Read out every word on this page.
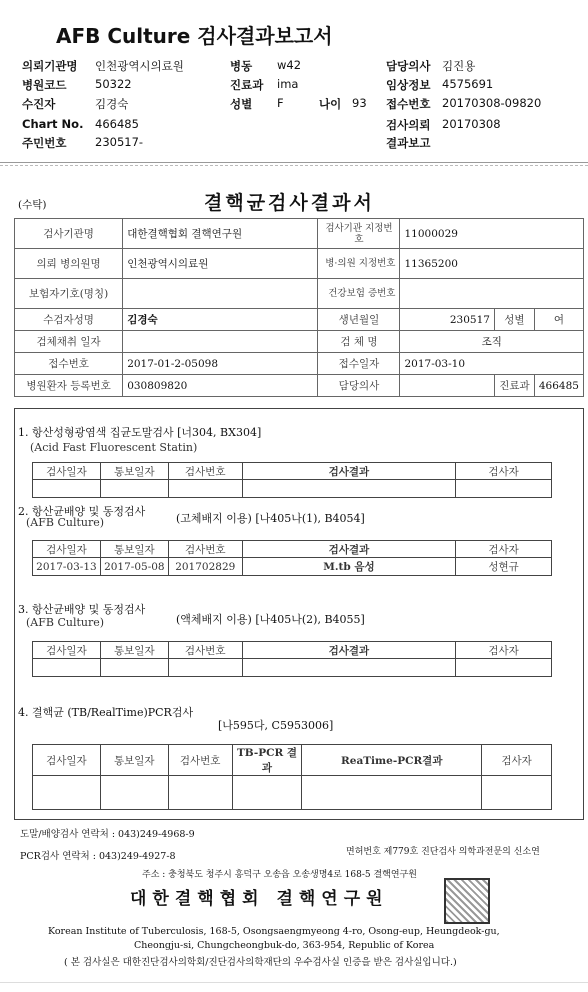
AFB Culture 검사결과보고서
의뢰기관명 인천광역시의료원
병원코드 50322
수진자	김경숙
Chart No. 466485
주민번호 230517-
병동 w42
진료과 ima
성별 F	나이 93
담당의사 김진용
임상정보 4575691
접수번호 20170308-09820
검사의뢰 20170308
결과보고
(수탁)	결핵균검사결과서
검사기관명	대한결핵협회 결핵연구원	검사기관 지정번호	11000029		
의뢰 병의원명	인천광역시의료원	병·의원 지정번호	11365200		
보험자기호(명칭)		건강보험 증번호			
수검자성명	김경숙	생년월일	230517	성별	여
검체채취 일자		검 체 명	조직		
접수번호	2017-01-2-05098	접수일자	2017-03-10		
병원환자 등록번호	030809820	담당의사		진료과	466485
1. 항산성형광염색 집균도말검사 [너304, BX304]
(Acid Fast Fluorescent Statin)
검사일자	통보일자	검사번호	검사결과	검사자

2. 항산균배양 및 동정검사
(고체배지 이용) [나405나(1), B4054]
(AFB Culture)
검사일자	통보일자	검사번호	검사결과	검사자
2017-03-13	2017-05-08	201702829	M.tb 음성	성현규
3. 항산균배양 및 동정검사
(액체배지 이용) [나405나(2), B4055]
(AFB Culture)
검사일자	통보일자	검사번호	검사결과	검사자

4. 결핵균 (TB/RealTime)PCR검사
[나595다, C5953006]
검사일자	통보일자	검사번호	TB-PCR 결과	ReaTime-PCR결과	검사자

도말/배양검사 연락처 : 043)249-4968-9
PCR검사 연락처 : 043)249-4927-8	면허번호 제779호 진단검사 의학과전문의 신소연
주소 : 충청북도 청주시 흥덕구 오송읍 오송생명4로 168-5 결핵연구원
대한결핵협회 결핵연구원
Korean Institute of Tuberculosis, 168-5, Osongsaengmyeong 4-ro, Osong-eup, Heungdeok-gu,
Cheongju-si, Chungcheongbuk-do, 363-954, Republic of Korea
( 본 검사실은 대한진단검사의학회/진단검사의학재단의 우수검사실 인증을 받은 검사실입니다.)
